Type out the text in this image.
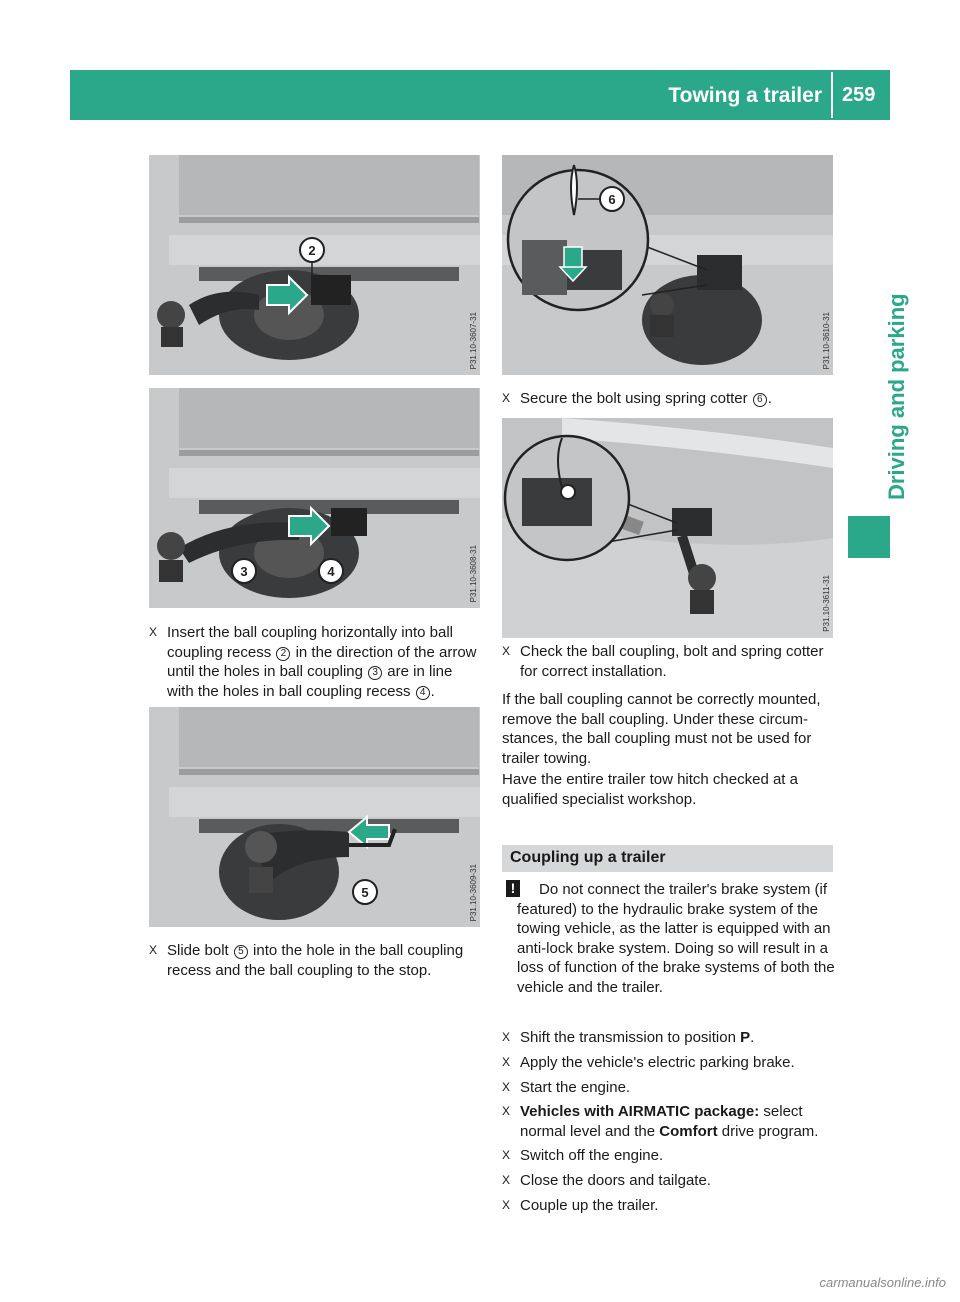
Towing a trailer 259
Driving and parking
2
P31.10-3607-31
3	4	P31.10-3608-31
X Insert the ball coupling horizontally into ball coupling recess 2 in the direction of the arrow until the holes in ball coupling 3 are in line with the holes in ball coupling recess 4 .
5	P31.10-3609-31
X Slide bolt 5 into the hole in the ball coupling recess and the ball coupling to the stop.
6
P31.10-3610-31
X Secure the bolt using spring cotter 6 .
P31.10-3611-31
X Check the ball coupling, bolt and spring cotter for correct installation.
If the ball coupling cannot be correctly mounted, remove the ball coupling. Under these circum-stances, the ball coupling must not be used for trailer towing.
Have the entire trailer tow hitch checked at a qualified specialist workshop.
Coupling up a trailer
!	Do not connect the trailer's brake system (if featured) to the hydraulic brake system of the towing vehicle, as the latter is equipped with an anti-lock brake system. Doing so will result in a loss of function of the brake systems of both the vehicle and the trailer.
X Shift the transmission to position P.
X Apply the vehicle's electric parking brake.
X Start the engine.
X Vehicles with AIRMATIC package: select normal level and the Comfort drive program.
X Switch off the engine.
X Close the doors and tailgate.
X Couple up the trailer.
carmanualsonline.info
